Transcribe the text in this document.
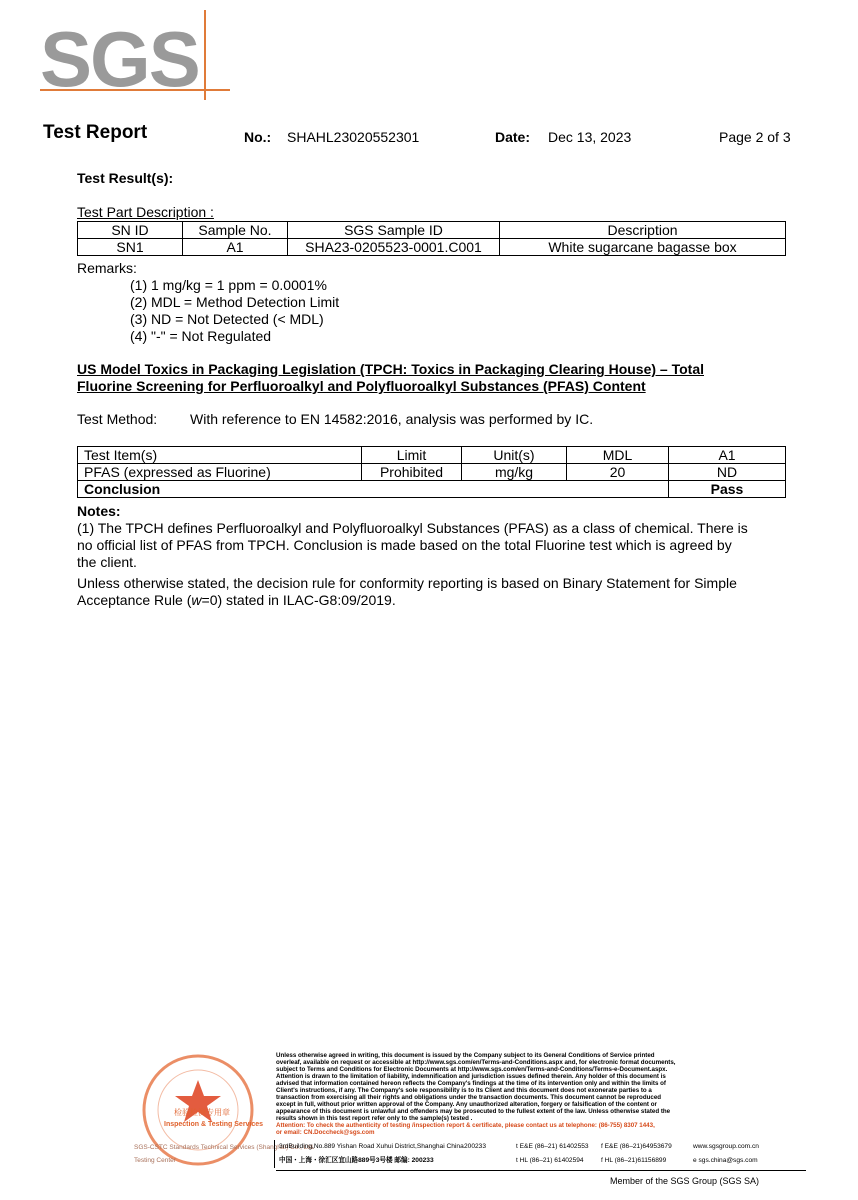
SGS
Test Report	No.: SHAHL23020552301	Date: Dec 13, 2023	Page 2 of 3
Test Result(s):
Test Part Description :
SN ID	Sample No.	SGS Sample ID	Description
SN1	A1	SHA23-0205523-0001.C001	White sugarcane bagasse box
Remarks:
(1) 1 mg/kg = 1 ppm = 0.0001%
(2) MDL = Method Detection Limit
(3) ND = Not Detected (< MDL)
(4) "-" = Not Regulated
US Model Toxics in Packaging Legislation (TPCH: Toxics in Packaging Clearing House) – Total
Fluorine Screening for Perfluoroalkyl and Polyfluoroalkyl Substances (PFAS) Content
Test Method: With reference to EN 14582:2016, analysis was performed by IC.
Test Item(s)	Limit	Unit(s)	MDL	A1
PFAS (expressed as Fluorine)	Prohibited	mg/kg	20	ND
Conclusion				Pass
Notes:
(1) The TPCH defines Perfluoroalkyl and Polyfluoroalkyl Substances (PFAS) as a class of chemical. There is
no official list of PFAS from TPCH. Conclusion is made based on the total Fluorine test which is agreed by
the client.
Unless otherwise stated, the decision rule for conformity reporting is based on Binary Statement for Simple
Acceptance Rule (w=0) stated in ILAC-G8:09/2019.
检验检测专用章
Inspection & Testing Services
SGS-CSTC Standards Technical Services (Shanghai) Co., Ltd.
Testing Center
Unless otherwise agreed in writing, this document is issued by the Company subject to its General Conditions of Service printed
overleaf, available on request or accessible at http://www.sgs.com/en/Terms-and-Conditions.aspx and, for electronic format documents,
subject to Terms and Conditions for Electronic Documents at http://www.sgs.com/en/Terms-and-Conditions/Terms-e-Document.aspx.
Attention is drawn to the limitation of liability, indemnification and jurisdiction issues defined therein. Any holder of this document is
advised that information contained hereon reflects the Company's findings at the time of its intervention only and within the limits of
Client's instructions, if any. The Company's sole responsibility is to its Client and this document does not exonerate parties to a
transaction from exercising all their rights and obligations under the transaction documents. This document cannot be reproduced
except in full, without prior written approval of the Company. Any unauthorized alteration, forgery or falsification of the content or
appearance of this document is unlawful and offenders may be prosecuted to the fullest extent of the law. Unless otherwise stated the
results shown in this test report refer only to the sample(s) tested .
Attention: To check the authenticity of testing /inspection report & certificate, please contact us at telephone: (86-755) 8307 1443,
or email: CN.Doccheck@sgs.com
3rdBuilding,No.889 Yishan Road Xuhui District,Shanghai China 200233
中国・上海・徐汇区宜山路889号3号楼 邮编: 200233
t E&E (86–21) 61402553 f E&E (86–21)64953679	www.sgsgroup.com.cn
t HL (86–21) 61402594	f HL (86–21)61156899	e sgs.china@sgs.com
Member of the SGS Group (SGS SA)
